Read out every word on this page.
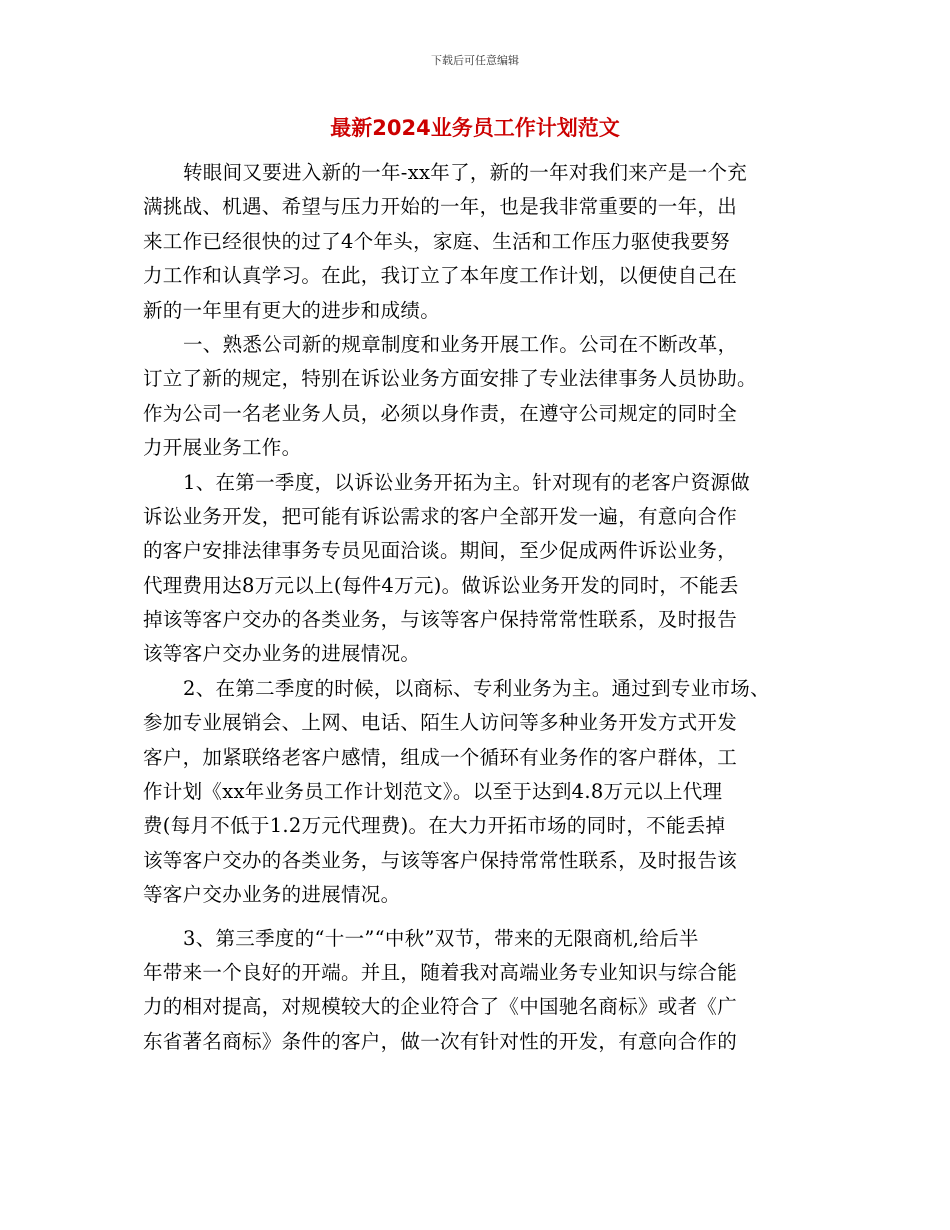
下载后可任意编辑
最新2024业务员工作计划范文
转眼间又要进入新的一年-xx年了，新的一年对我们来产是一个充
满挑战、机遇、希望与压力开始的一年，也是我非常重要的一年，出
来工作已经很快的过了4个年头，家庭、生活和工作压力驱使我要努
力工作和认真学习。在此，我订立了本年度工作计划，以便使自己在
新的一年里有更大的进步和成绩。
一、熟悉公司新的规章制度和业务开展工作。公司在不断改革，
订立了新的规定，特别在诉讼业务方面安排了专业法律事务人员协助。
作为公司一名老业务人员，必须以身作责，在遵守公司规定的同时全
力开展业务工作。
1、在第一季度，以诉讼业务开拓为主。针对现有的老客户资源做
诉讼业务开发，把可能有诉讼需求的客户全部开发一遍，有意向合作
的客户安排法律事务专员见面洽谈。期间，至少促成两件诉讼业务，
代理费用达8万元以上(每件4万元)。做诉讼业务开发的同时，不能丢
掉该等客户交办的各类业务，与该等客户保持常常性联系，及时报告
该等客户交办业务的进展情况。
2、在第二季度的时候，以商标、专利业务为主。通过到专业市场、
参加专业展销会、上网、电话、陌生人访问等多种业务开发方式开发
客户，加紧联络老客户感情，组成一个循环有业务作的客户群体，工
作计划《xx年业务员工作计划范文》。以至于达到4.8万元以上代理
费(每月不低于1.2万元代理费)。在大力开拓市场的同时，不能丢掉
该等客户交办的各类业务，与该等客户保持常常性联系，及时报告该
等客户交办业务的进展情况。
3、第三季度的“十一”“中秋”双节，带来的无限商机,给后半
年带来一个良好的开端。并且，随着我对高端业务专业知识与综合能
力的相对提高，对规模较大的企业符合了《中国驰名商标》或者《广
东省著名商标》条件的客户，做一次有针对性的开发，有意向合作的
